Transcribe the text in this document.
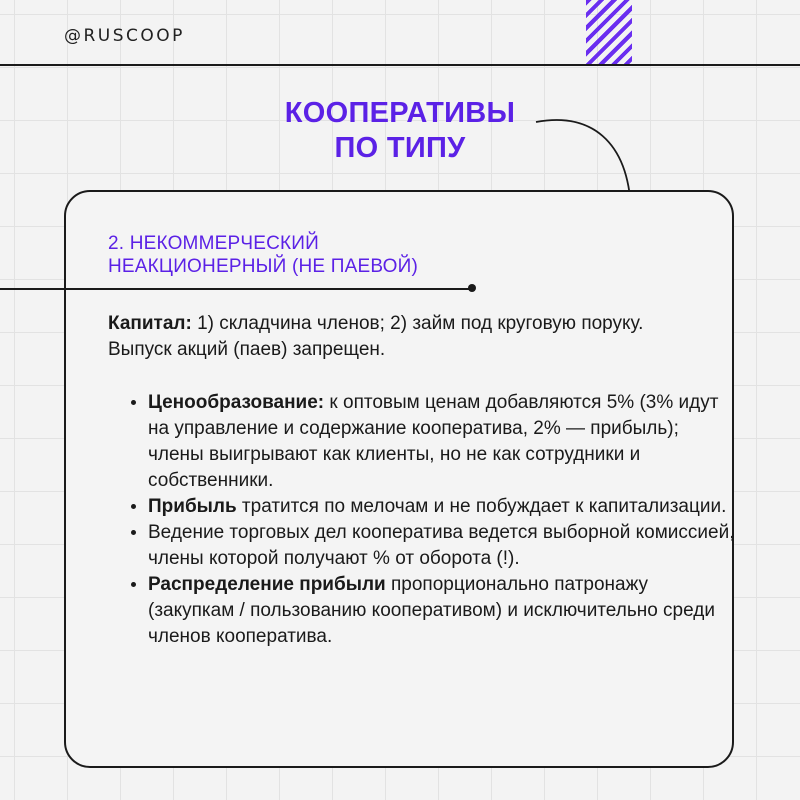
@RUSCOOP
КООПЕРАТИВЫ
ПО ТИПУ
2. НЕКОММЕРЧЕСКИЙ
НЕАКЦИОНЕРНЫЙ (НЕ ПАЕВОЙ)
Капитал: 1) складчина членов; 2) займ под круговую поруку. Выпуск акций (паев) запрещен.
• Ценообразование: к оптовым ценам добавляются 5% (3% идут на управление и содержание кооператива, 2% — прибыль); члены выигрывают как клиенты, но не как сотрудники и собственники.
• Прибыль тратится по мелочам и не побуждает к капитализации.
• Ведение торговых дел кооператива ведется выборной комиссией, члены которой получают % от оборота (!).
• Распределение прибыли пропорционально патронажу (закупкам / пользованию кооперативом) и исключительно среди членов кооператива.
